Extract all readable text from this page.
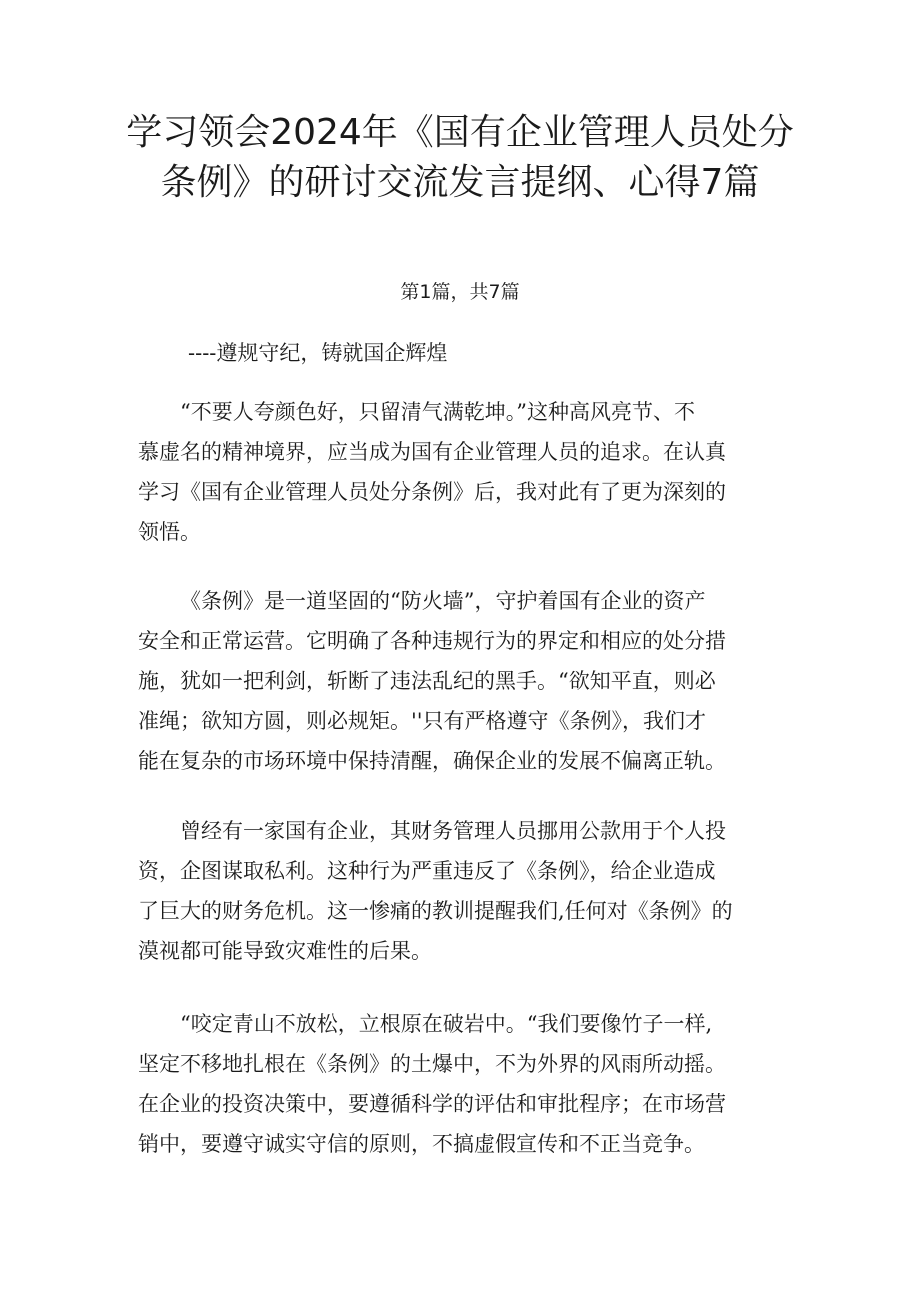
学习领会2024年《国有企业管理人员处分
条例》的研讨交流发言提纲、心得7篇
第1篇，共7篇
----遵规守纪，铸就国企辉煌

“不要人夸颜色好，只留清气满乾坤。”这种高风亮节、不
慕虚名的精神境界，应当成为国有企业管理人员的追求。在认真
学习《国有企业管理人员处分条例》后，我对此有了更为深刻的
领悟。

《条例》是一道坚固的“防火墙”，守护着国有企业的资产
安全和正常运营。它明确了各种违规行为的界定和相应的处分措
施，犹如一把利剑，斩断了违法乱纪的黑手。“欲知平直，则必
准绳；欲知方圆，则必规矩。''只有严格遵守《条例》，我们才
能在复杂的市场环境中保持清醒，确保企业的发展不偏离正轨。

曾经有一家国有企业，其财务管理人员挪用公款用于个人投
资，企图谋取私利。这种行为严重违反了《条例》，给企业造成
了巨大的财务危机。这一惨痛的教训提醒我们,任何对《条例》的
漠视都可能导致灾难性的后果。

“咬定青山不放松，立根原在破岩中。“我们要像竹子一样,
坚定不移地扎根在《条例》的土爆中，不为外界的风雨所动摇。
在企业的投资决策中，要遵循科学的评估和审批程序；在市场营
销中，要遵守诚实守信的原则，不搞虚假宣传和不正当竞争。
